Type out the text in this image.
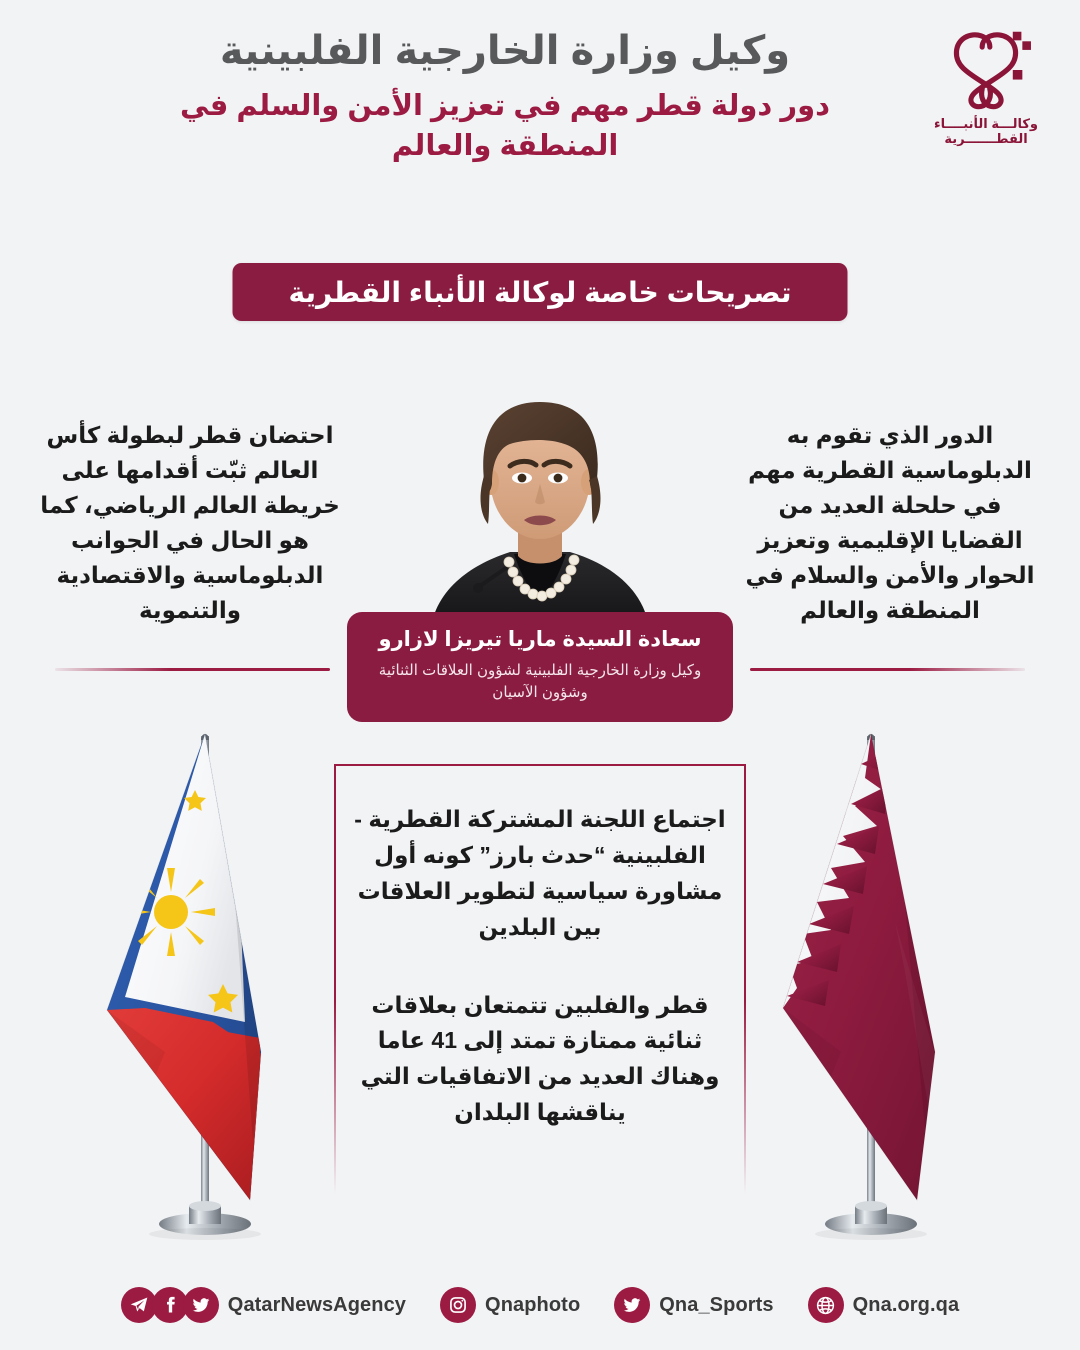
وكيل وزارة الخارجية الفلبينية
دور دولة قطر مهم في تعزيز الأمن والسلم في المنطقة والعالم
وكالـــة الأنبــــاء
القطـــــــرية
تصريحات خاصة لوكالة الأنباء القطرية
الدور الذي تقوم به الدبلوماسية القطرية مهم في حلحلة العديد من القضايا الإقليمية وتعزيز الحوار والأمن والسلام في المنطقة والعالم
احتضان قطر لبطولة كأس العالم ثبّت أقدامها على خريطة العالم الرياضي، كما هو الحال في الجوانب الدبلوماسية والاقتصادية والتنموية
سعادة السيدة ماريا تيريزا لازارو
وكيل وزارة الخارجية الفلبينية لشؤون العلاقات الثنائية وشؤون الآسيان
اجتماع اللجنة المشتركة القطرية - الفلبينية “حدث بارز” كونه أول مشاورة سياسية لتطوير العلاقات بين البلدين
قطر والفلبين تتمتعان بعلاقات ثنائية ممتازة تمتد إلى 41 عاما وهناك العديد من الاتفاقيات التي يناقشها البلدان
QatarNewsAgency	Qnaphoto	Qna_Sports	Qna.org.qa
